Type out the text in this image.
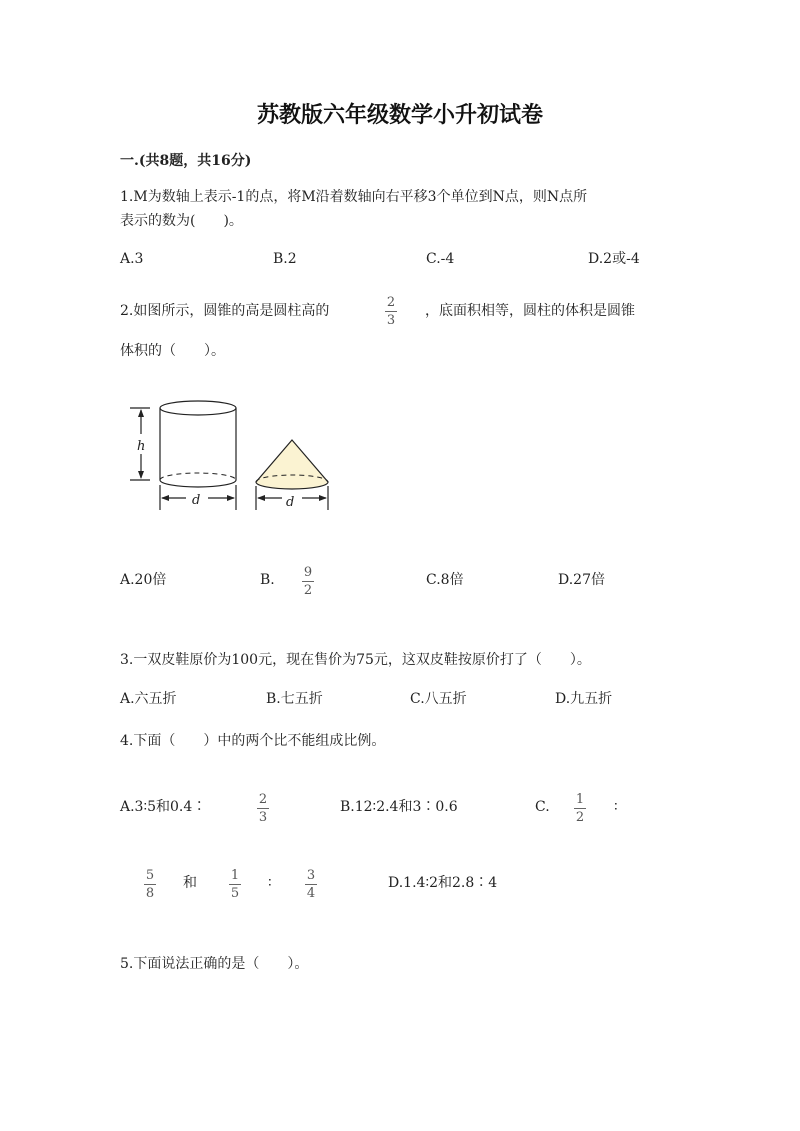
苏教版六年级数学小升初试卷
一.(共8题，共16分)
1.M为数轴上表示-1的点，将M沿着数轴向右平移3个单位到N点，则N点所
表示的数为(　　)。
A.3	B.2	C.-4	D.2或-4
2.如图所示，圆锥的高是圆柱高的
2
3
，底面积相等，圆柱的体积是圆锥
体积的（　　）。
h
d	d
A.20倍	B. 9
2
C.8倍	D.27倍
3.一双皮鞋原价为100元，现在售价为75元，这双皮鞋按原价打了（　　）。
A.六五折	B.七五折	C.八五折	D.九五折
4.下面（　　）中的两个比不能组成比例。
A.3∶5和0.4∶	2
3
B.12∶2.4和3∶0.6	C. 1
2
∶
5
8
和	1
5
∶	3
4
D.1.4∶2和2.8∶4
5.下面说法正确的是（　　）。
